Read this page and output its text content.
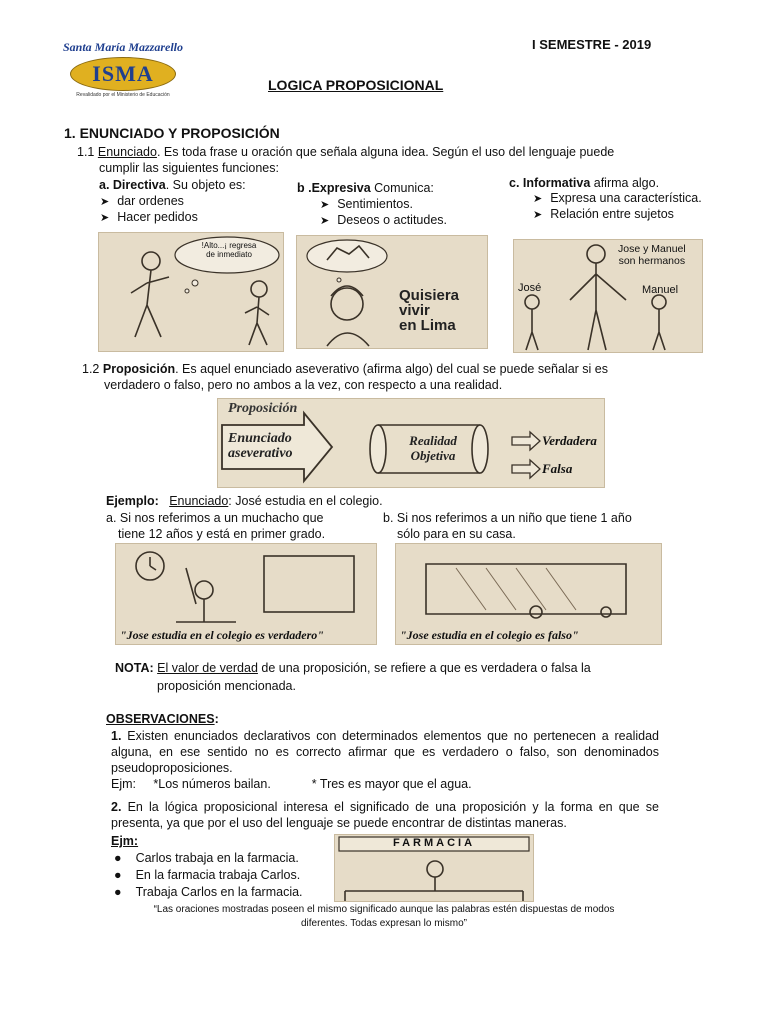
Santa María Mazzarello
ISMA
Revalidado por el Ministerio de Educación
I SEMESTRE - 2019
LOGICA PROPOSICIONAL
1. ENUNCIADO Y PROPOSICIÓN
1.1 Enunciado. Es toda frase u oración que señala alguna idea. Según el uso del lenguaje puede
cumplir las siguientes funciones:
a. Directiva. Su objeto es:
➤ dar ordenes
➤ Hacer pedidos
b .Expresiva Comunica:
➤ Sentimientos.
➤ Deseos o actitudes.
c. Informativa afirma algo.
➤ Expresa una característica.
➤ Relación entre sujetos
!Alto...¡ regresa
de inmediato
Quisiera
vivir
en Lima
Jose y Manuel
son hermanos
José	Manuel
1.2 Proposición. Es aquel enunciado aseverativo (afirma algo) del cual se puede señalar si es
verdadero o falso, pero no ambos a la vez, con respecto a una realidad.
Proposición
Enunciado
aseverativo
Realidad
Objetiva
Verdadera
Falsa
Ejemplo: Enunciado: José estudia en el colegio.
a. Si nos referimos a un muchacho que
tiene 12 años y está en primer grado.
b. Si nos referimos a un niño que tiene 1 año
sólo para en su casa.
"Jose estudia en el colegio es verdadero"	"Jose estudia en el colegio es falso"
NOTA: El valor de verdad de una proposición, se refiere a que es verdadera o falsa la
proposición mencionada.
OBSERVACIONES:
1. Existen enunciados declarativos con determinados elementos que no pertenecen a realidad alguna, en ese sentido no es correcto afirmar que es verdadero o falso, son denominados pseudoproposiciones.
Ejm: *Los números bailan.	* Tres es mayor que el agua.
2. En la lógica proposicional interesa el significado de una proposición y la forma en que se presenta, ya que por el uso del lenguaje se puede encontrar de distintas maneras.
Ejm:
● Carlos trabaja en la farmacia.
● En la farmacia trabaja Carlos.
● Trabaja Carlos en la farmacia.
FARMACIA
“Las oraciones mostradas poseen el mismo significado aunque las palabras estén dispuestas de modos
diferentes. Todas expresan lo mismo”
